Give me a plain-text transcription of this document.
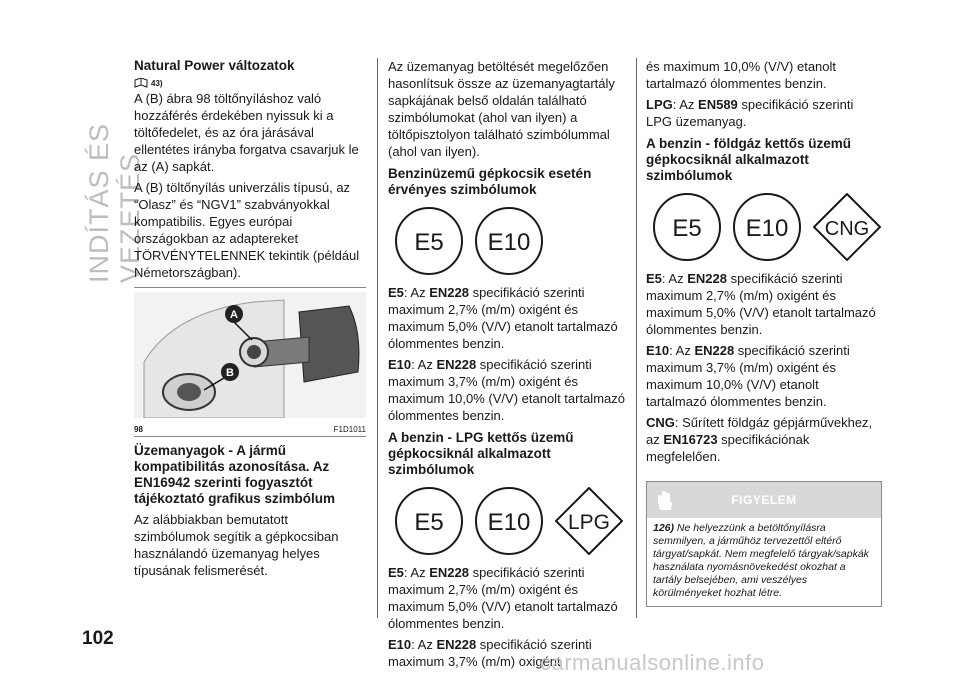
INDÍTÁS ÉS VEZETÉS
Natural Power változatok
43)

A (B) ábra 98 töltőnyíláshoz való hozzáférés érdekében nyissuk ki a töltőfedelet, és az óra járásával ellentétes irányba forgatva csavarjuk le az (A) sapkát.

A (B) töltőnyílás univerzális típusú, az “Olasz” és “NGV1” szabványokkal kompatibilis. Egyes európai országokban az adaptereket TÖRVÉNYTELENNEK tekintik (például Németországban).

A
B
98	F1D1011
Üzemanyagok - A jármű kompatibilitás azonosítása. Az EN16942 szerinti fogyasztót tájékoztató grafikus szimbólum

Az alábbiakban bemutatott szimbólumok segítik a gépkocsiban használandó üzemanyag helyes típusának felismerését.

Az üzemanyag betöltését megelőzően hasonlítsuk össze az üzemanyagtartály sapkájának belső oldalán található szimbólumokat (ahol van ilyen) a töltőpisztolyon található szimbólummal (ahol van ilyen).

Benzinüzemű gépkocsik esetén érvényes szimbólumok
E5 E10

E5: Az EN228 specifikáció szerinti maximum 2,7% (m/m) oxigént és maximum 5,0% (V/V) etanolt tartalmazó ólommentes benzin.

E10: Az EN228 specifikáció szerinti maximum 3,7% (m/m) oxigént és maximum 10,0% (V/V) etanolt tartalmazó ólommentes benzin.

A benzin - LPG kettős üzemű gépkocsiknál alkalmazott szimbólumok
E5 E10 LPG

E5: Az EN228 specifikáció szerinti maximum 2,7% (m/m) oxigént és maximum 5,0% (V/V) etanolt tartalmazó ólommentes benzin.

E10: Az EN228 specifikáció szerinti maximum 3,7% (m/m) oxigént

és maximum 10,0% (V/V) etanolt tartalmazó ólommentes benzin.

LPG: Az EN589 specifikáció szerinti LPG üzemanyag.

A benzin - földgáz kettős üzemű gépkocsiknál alkalmazott szimbólumok
E5 E10 CNG

E5: Az EN228 specifikáció szerinti maximum 2,7% (m/m) oxigént és maximum 5,0% (V/V) etanolt tartalmazó ólommentes benzin.

E10: Az EN228 specifikáció szerinti maximum 3,7% (m/m) oxigént és maximum 10,0% (V/V) etanolt tartalmazó ólommentes benzin.

CNG: Sűrített földgáz gépjárművekhez, az EN16723 specifikációnak megfelelően.

FIGYELEM
126) Ne helyezzünk a betöltőnyílásra semmilyen, a járműhöz tervezettől eltérő tárgyat/sapkát. Nem megfelelő tárgyak/sapkák használata nyomásnövekedést okozhat a tartály belsejében, ami veszélyes körülményeket hozhat létre.
102
carmanualsonline.info
